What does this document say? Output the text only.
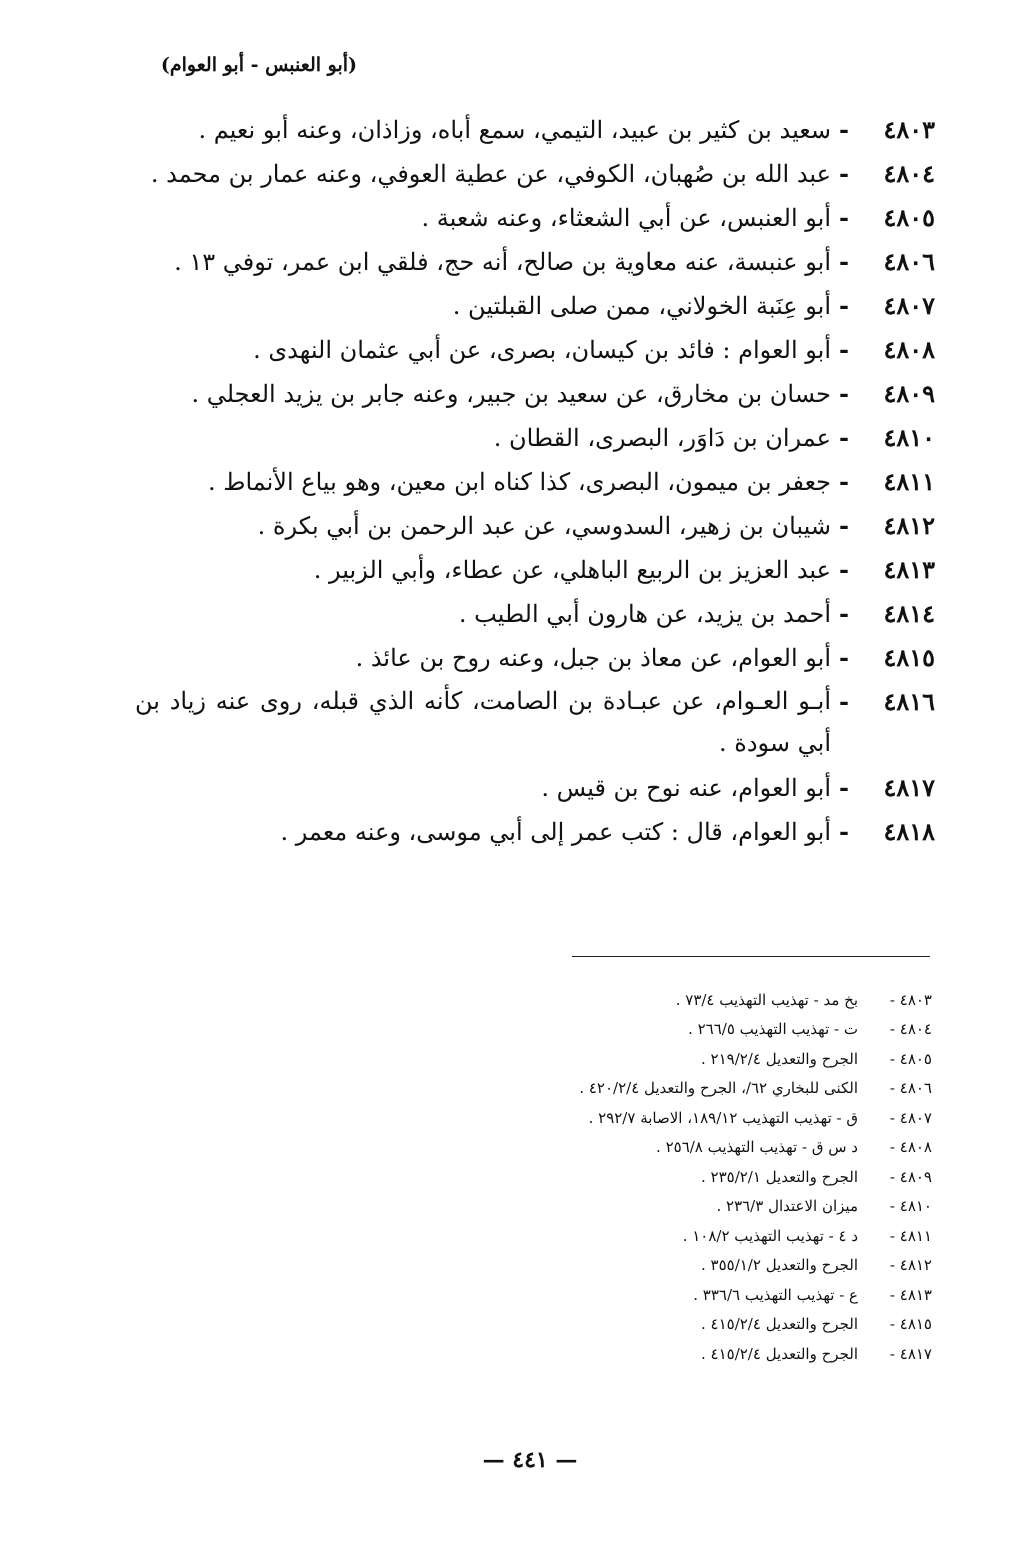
(أبو العنبس - أبو العوام)
٤٨٠٣
-
سعيد بن كثير بن عبيد، التيمي، سمع أباه، وزاذان، وعنه أبو نعيم .
٤٨٠٤
-
عبد الله بن صُهبان، الكوفي، عن عطية العوفي، وعنه عمار بن محمد .
٤٨٠٥
-
أبو العنبس، عن أبي الشعثاء، وعنه شعبة .
٤٨٠٦
-
أبو عنبسة، عنه معاوية بن صالح، أنه حج، فلقي ابن عمر، توفي ١٣ .
٤٨٠٧
-
أبو عِنَبة الخولاني، ممن صلى القبلتين .
٤٨٠٨
-
أبو العوام : فائد بن كيسان، بصرى، عن أبي عثمان النهدى .
٤٨٠٩
-
حسان بن مخارق، عن سعيد بن جبير، وعنه جابر بن يزيد العجلي .
٤٨١٠
-
عمران بن دَاوَر، البصرى، القطان .
٤٨١١
-
جعفر بن ميمون، البصرى، كذا كناه ابن معين، وهو بياع الأنماط .
٤٨١٢
-
شيبان بن زهير، السدوسي، عن عبد الرحمن بن أبي بكرة .
٤٨١٣
-
عبد العزيز بن الربيع الباهلي، عن عطاء، وأبي الزبير .
٤٨١٤
-
أحمد بن يزيد، عن هارون أبي الطيب .
٤٨١٥
-
أبو العوام، عن معاذ بن جبل، وعنه روح بن عائذ .
٤٨١٦
-
أبـو العـوام، عن عبـادة بن الصامت، كأنه الذي قبله، روى عنه زياد بن أبي سودة .
٤٨١٧
-
أبو العوام، عنه نوح بن قيس .
٤٨١٨
-
أبو العوام، قال : كتب عمر إلى أبي موسى، وعنه معمر .
٤٨٠٣ -
بخ مد - تهذيب التهذيب ٧٣/٤ .
٤٨٠٤ -
ت - تهذيب التهذيب ٢٦٦/٥ .
٤٨٠٥ -
الجرح والتعديل ٢١٩/٢/٤ .
٤٨٠٦ -
الكنى للبخاري ٦٢/، الجرح والتعديل ٤٢٠/٢/٤ .
٤٨٠٧ -
ق - تهذيب التهذيب ١٨٩/١٢، الاصابة ٢٩٢/٧ .
٤٨٠٨ -
د س ق - تهذيب التهذيب ٢٥٦/٨ .
٤٨٠٩ -
الجرح والتعديل ٢٣٥/٢/١ .
٤٨١٠ -
ميزان الاعتدال ٢٣٦/٣ .
٤٨١١ -
د ٤ - تهذيب التهذيب ١٠٨/٢ .
٤٨١٢ -
الجرح والتعديل ٣٥٥/١/٢ .
٤٨١٣ -
ع - تهذيب التهذيب ٣٣٦/٦ .
٤٨١٥ -
الجرح والتعديل ٤١٥/٢/٤ .
٤٨١٧ -
الجرح والتعديل ٤١٥/٢/٤ .
— ٤٤١ —
